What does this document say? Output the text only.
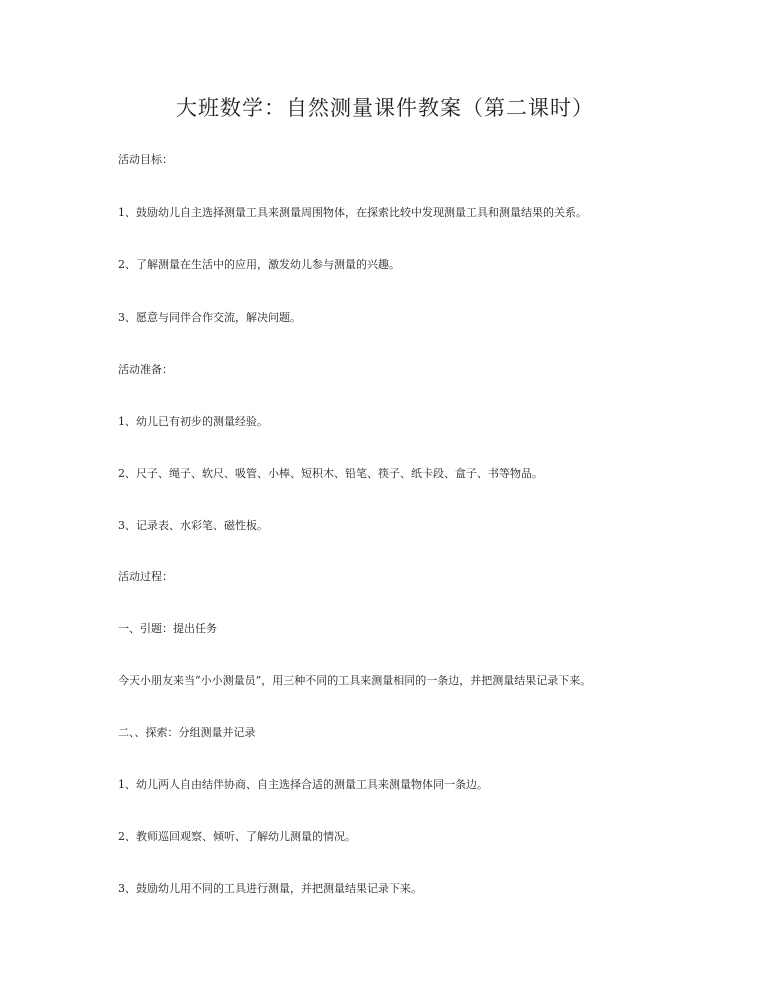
大班数学：自然测量课件教案（第二课时）
活动目标：
1、鼓励幼儿自主选择测量工具来测量周围物体，在探索比较中发现测量工具和测量结果的关系。
2、了解测量在生活中的应用，激发幼儿参与测量的兴趣。
3、愿意与同伴合作交流，解决问题。
活动准备：
1、幼儿已有初步的测量经验。
2、尺子、绳子、软尺、吸管、小棒、短积木、铅笔、筷子、纸卡段、盒子、书等物品。
3、记录表、水彩笔、磁性板。
活动过程：
一、引题：提出任务
今天小朋友来当“小小测量员”，用三种不同的工具来测量相同的一条边，并把测量结果记录下来。
二、、探索：分组测量并记录
1、幼儿两人自由结伴协商、自主选择合适的测量工具来测量物体同一条边。
2、教师巡回观察、倾听、了解幼儿测量的情况。
3、鼓励幼儿用不同的工具进行测量，并把测量结果记录下来。
